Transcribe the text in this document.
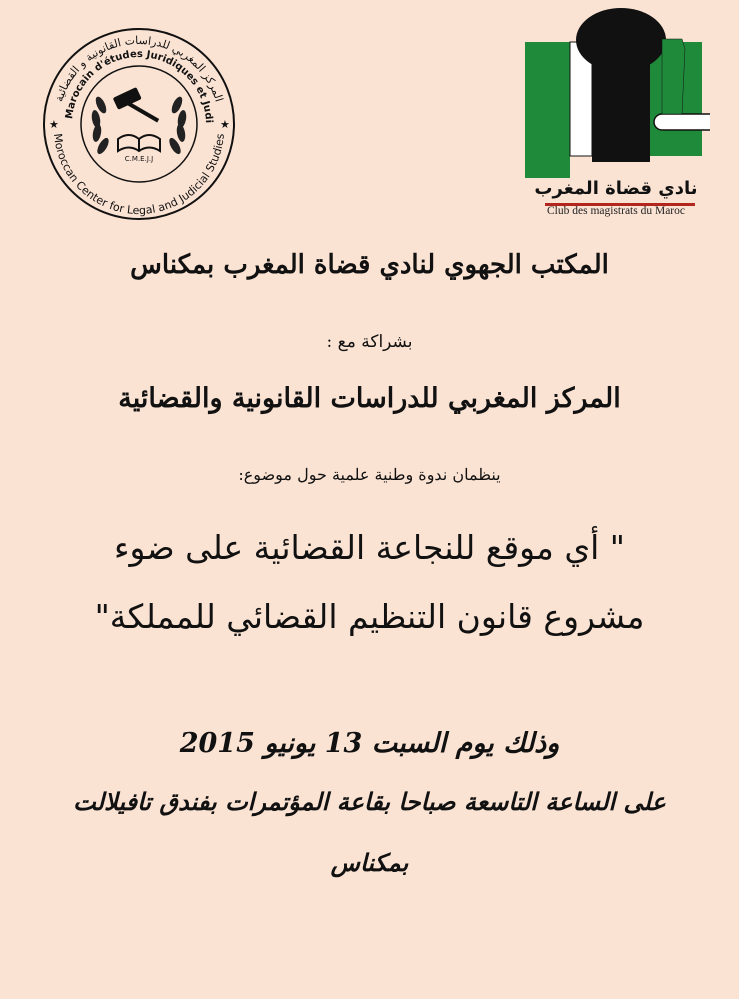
المركز المغربي للدراسات القانونية و القضائية
Marocain d'études Juridiques et Judi
Moroccan Center for Legal and Judicial Studies
★	★
C.M.E.J.J
نادي قضاة المغرب
Club des magistrats du Maroc
المكتب الجهوي لنادي قضاة المغرب بمكناس
بشراكة مع :
المركز المغربي للدراسات القانونية والقضائية
ينظمان ندوة وطنية علمية حول موضوع:
" أي موقع للنجاعة القضائية على ضوء
مشروع قانون التنظيم القضائي للمملكة"
وذلك يوم السبت 13 يونيو 2015
على الساعة التاسعة صباحا بقاعة المؤتمرات بفندق تافيلالت
بمكناس
